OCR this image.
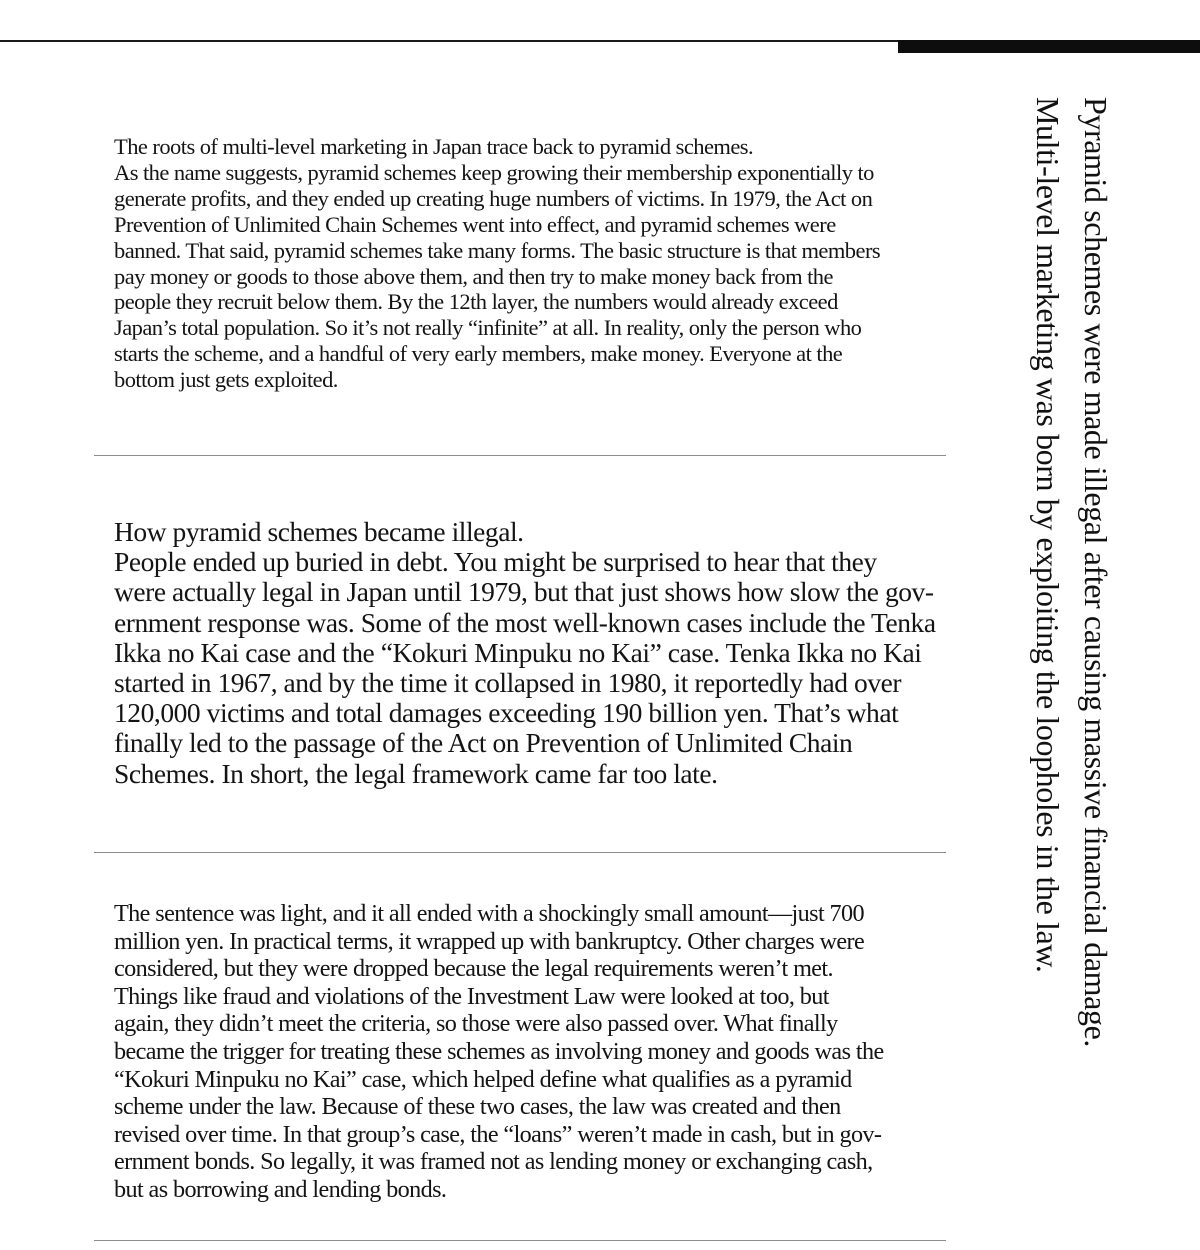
The roots of multi-level marketing in Japan trace back to pyramid schemes.
As the name suggests, pyramid schemes keep growing their membership exponentially to
generate profits, and they ended up creating huge numbers of victims. In 1979, the Act on
Prevention of Unlimited Chain Schemes went into effect, and pyramid schemes were
banned. That said, pyramid schemes take many forms. The basic structure is that members
pay money or goods to those above them, and then try to make money back from the
people they recruit below them. By the 12th layer, the numbers would already exceed
Japan’s total population. So it’s not really “infinite” at all. In reality, only the person who
starts the scheme, and a handful of very early members, make money. Everyone at the
bottom just gets exploited.
How pyramid schemes became illegal.
People ended up buried in debt. You might be surprised to hear that they
were actually legal in Japan until 1979, but that just shows how slow the gov-
ernment response was. Some of the most well-known cases include the Tenka
Ikka no Kai case and the “Kokuri Minpuku no Kai” case. Tenka Ikka no Kai
started in 1967, and by the time it collapsed in 1980, it reportedly had over
120,000 victims and total damages exceeding 190 billion yen. That’s what
finally led to the passage of the Act on Prevention of Unlimited Chain
Schemes. In short, the legal framework came far too late.
The sentence was light, and it all ended with a shockingly small amount—just 700
million yen. In practical terms, it wrapped up with bankruptcy. Other charges were
considered, but they were dropped because the legal requirements weren’t met.
Things like fraud and violations of the Investment Law were looked at too, but
again, they didn’t meet the criteria, so those were also passed over. What finally
became the trigger for treating these schemes as involving money and goods was the
“Kokuri Minpuku no Kai” case, which helped define what qualifies as a pyramid
scheme under the law. Because of these two cases, the law was created and then
revised over time. In that group’s case, the “loans” weren’t made in cash, but in gov-
ernment bonds. So legally, it was framed not as lending money or exchanging cash,
but as borrowing and lending bonds.
Pyramid schemes were made illegal after causing massive financial damage.
Multi-level marketing was born by exploiting the loopholes in the law.
